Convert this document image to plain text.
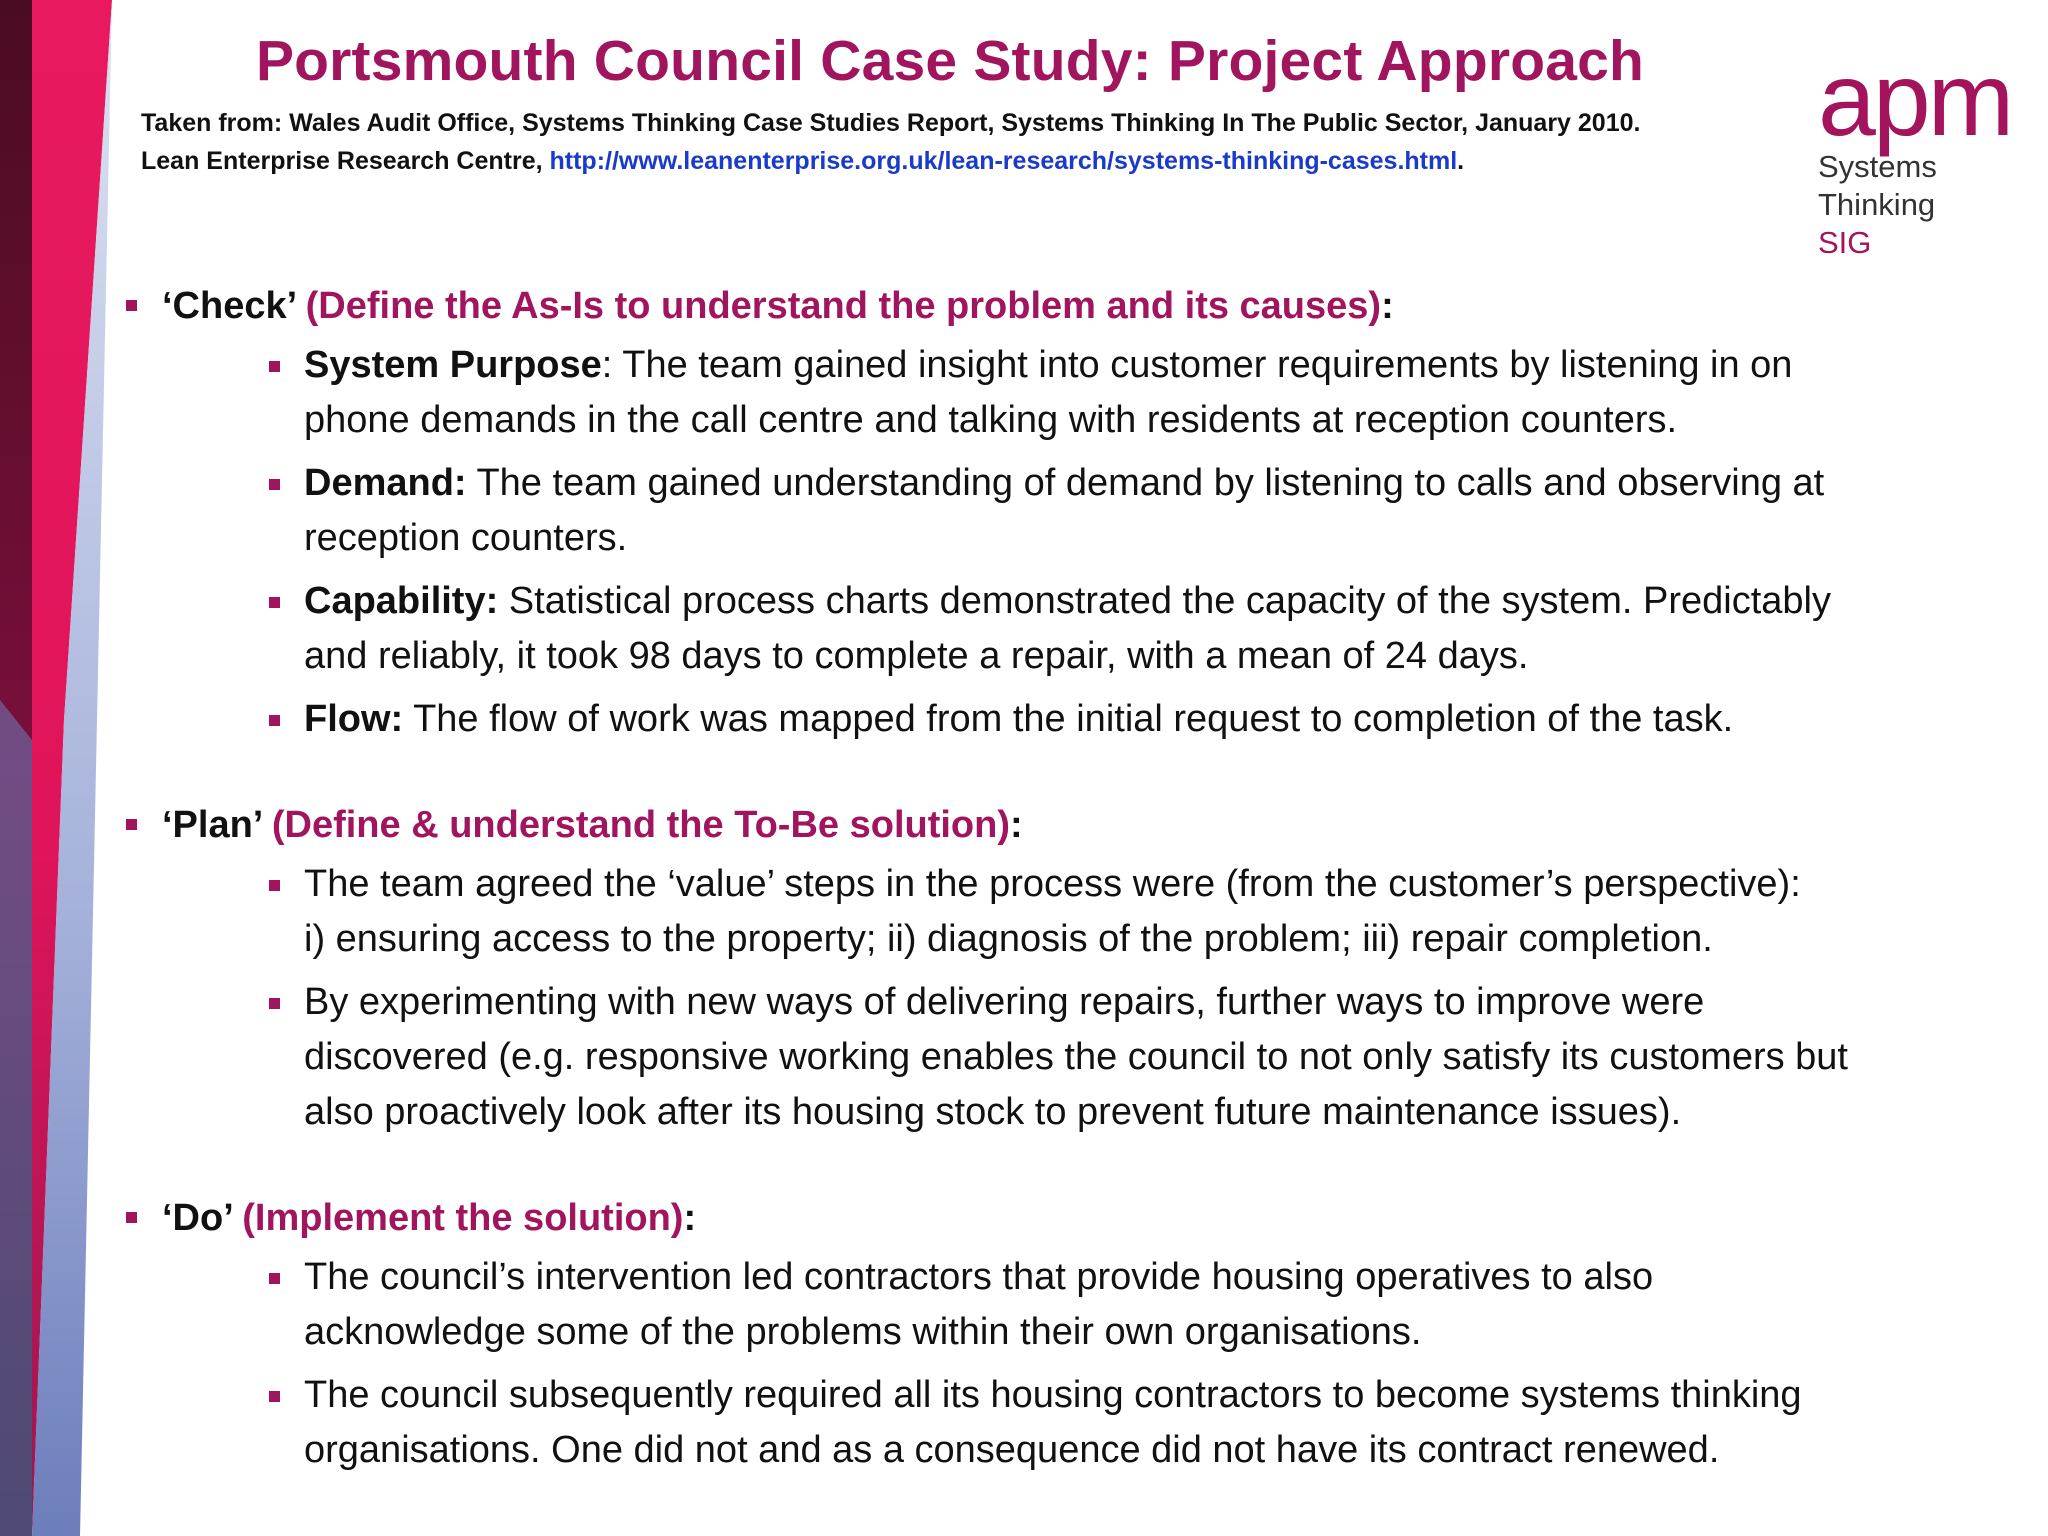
Portsmouth Council Case Study: Project Approach
Taken from: Wales Audit Office, Systems Thinking Case Studies Report, Systems Thinking In The Public Sector, January 2010.
Lean Enterprise Research Centre, http://www.leanenterprise.org.uk/lean-research/systems-thinking-cases.html.
apm
Systems
Thinking
SIG
‘Check’ (Define the As-Is to understand the problem and its causes):
System Purpose: The team gained insight into customer requirements by listening in on
phone demands in the call centre and talking with residents at reception counters.
Demand: The team gained understanding of demand by listening to calls and observing at
reception counters.
Capability: Statistical process charts demonstrated the capacity of the system. Predictably
and reliably, it took 98 days to complete a repair, with a mean of 24 days.
Flow: The flow of work was mapped from the initial request to completion of the task.
‘Plan’ (Define & understand the To-Be solution):
The team agreed the ‘value’ steps in the process were (from the customer’s perspective):
i) ensuring access to the property; ii) diagnosis of the problem; iii) repair completion.
By experimenting with new ways of delivering repairs, further ways to improve were
discovered (e.g. responsive working enables the council to not only satisfy its customers but
also proactively look after its housing stock to prevent future maintenance issues).
‘Do’ (Implement the solution):
The council’s intervention led contractors that provide housing operatives to also
acknowledge some of the problems within their own organisations.
The council subsequently required all its housing contractors to become systems thinking
organisations. One did not and as a consequence did not have its contract renewed.
